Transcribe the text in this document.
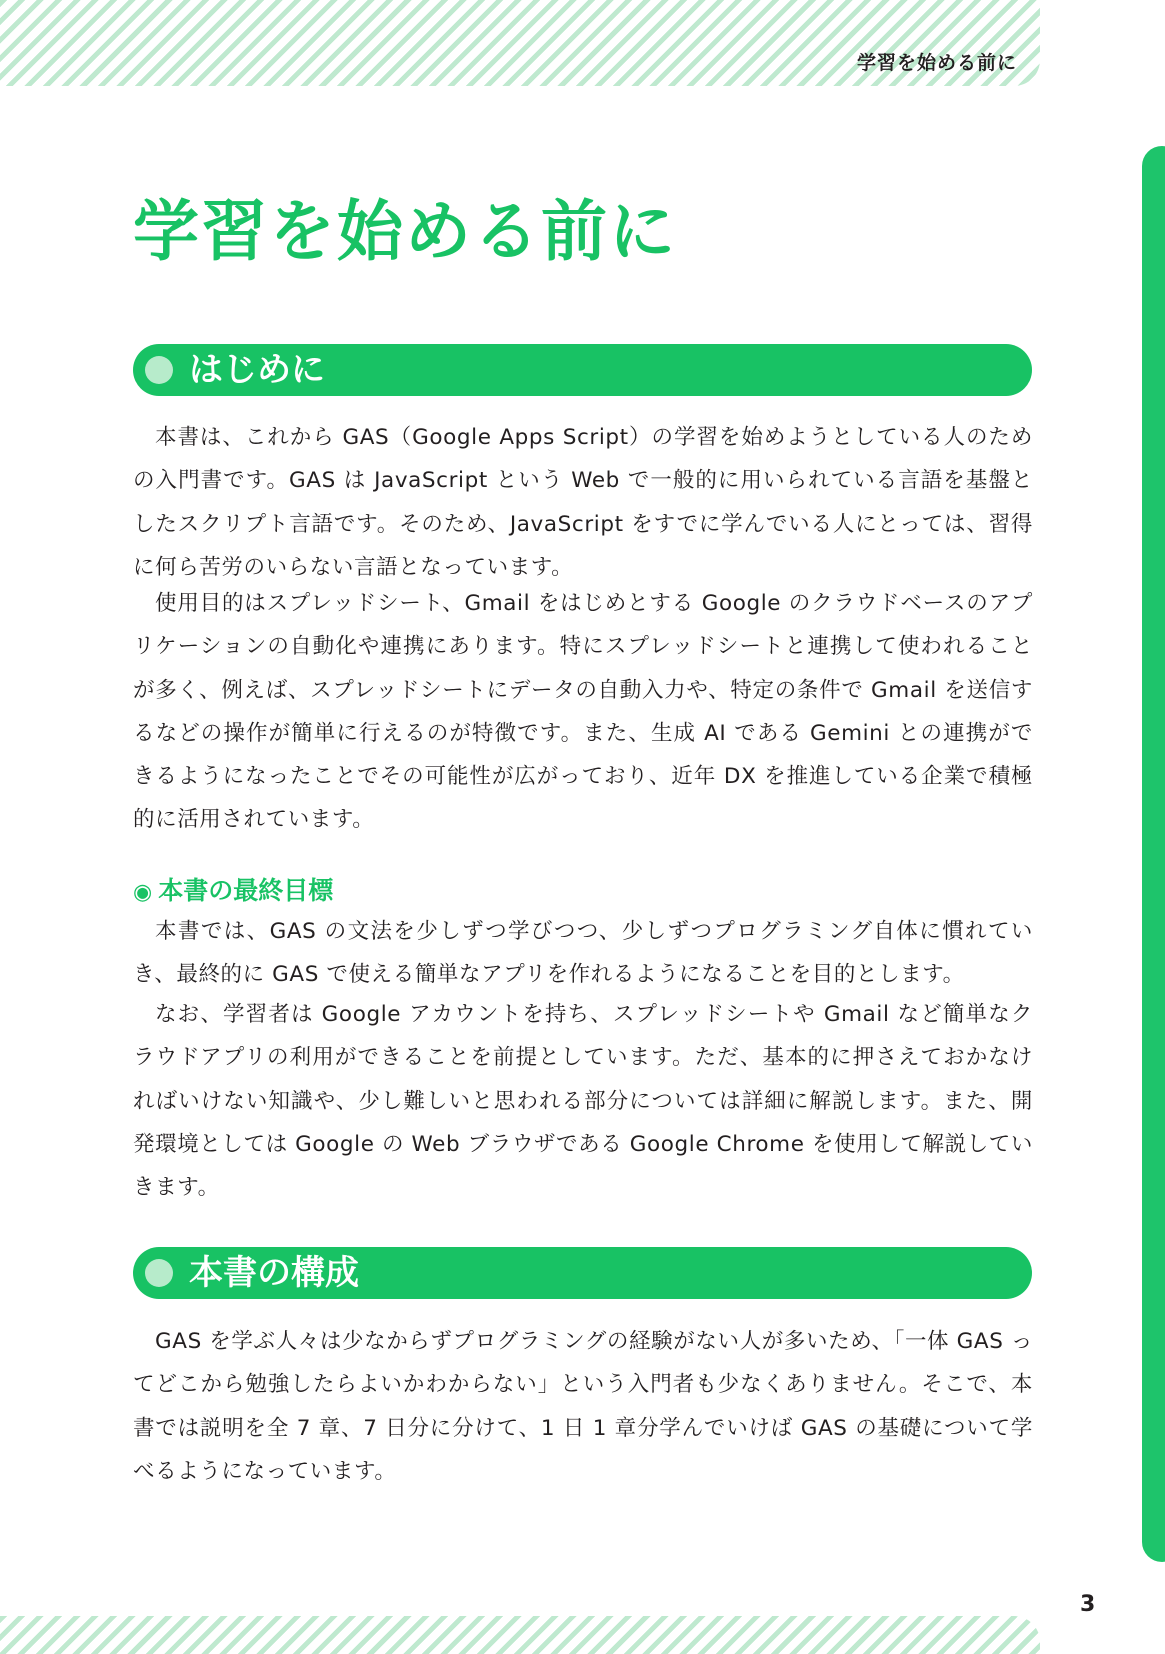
学習を始める前に
学習を始める前に
はじめに

本書は、これから GAS（Google Apps Script）の学習を始めようとしている人のための入門書です。GAS は JavaScript という Web で一般的に用いられている言語を基盤としたスクリプト言語です。そのため、JavaScript をすでに学んでいる人にとっては、習得に何ら苦労のいらない言語となっています。

使用目的はスプレッドシート、Gmail をはじめとする Google のクラウドベースのアプリケーションの自動化や連携にあります。特にスプレッドシートと連携して使われることが多く、例えば、スプレッドシートにデータの自動入力や、特定の条件で Gmail を送信するなどの操作が簡単に行えるのが特徴です。また、生成 AI である Gemini との連携ができるようになったことでその可能性が広がっており、近年 DX を推進している企業で積極的に活用されています。

◉ 本書の最終目標

本書では、GAS の文法を少しずつ学びつつ、少しずつプログラミング自体に慣れていき、最終的に GAS で使える簡単なアプリを作れるようになることを目的とします。

なお、学習者は Google アカウントを持ち、スプレッドシートや Gmail など簡単なクラウドアプリの利用ができることを前提としています。ただ、基本的に押さえておかなければいけない知識や、少し難しいと思われる部分については詳細に解説します。また、開発環境としては Google の Web ブラウザである Google Chrome を使用して解説していきます。

本書の構成

GAS を学ぶ人々は少なからずプログラミングの経験がない人が多いため、「一体 GAS ってどこから勉強したらよいかわからない」という入門者も少なくありません。そこで、本書では説明を全 7 章、7 日分に分けて、1 日 1 章分学んでいけば GAS の基礎について学べるようになっています。

3
